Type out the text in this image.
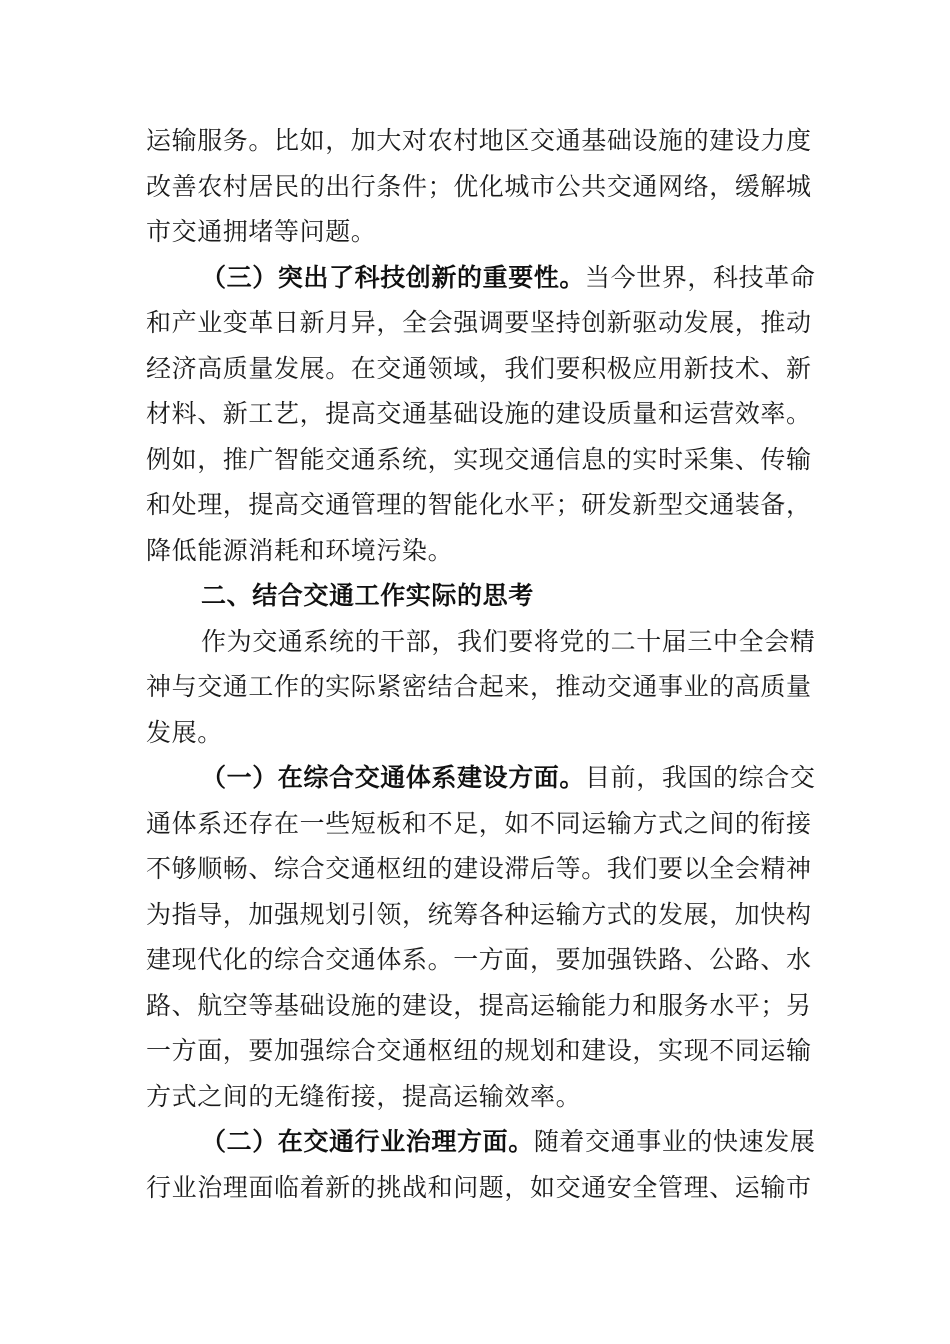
运输服务。比如，加大对农村地区交通基础设施的建设力度
改善农村居民的出行条件；优化城市公共交通网络，缓解城
市交通拥堵等问题。
（三）突出了科技创新的重要性。当今世界，科技革命
和产业变革日新月异，全会强调要坚持创新驱动发展，推动
经济高质量发展。在交通领域，我们要积极应用新技术、新
材料、新工艺，提高交通基础设施的建设质量和运营效率。
例如，推广智能交通系统，实现交通信息的实时采集、传输
和处理，提高交通管理的智能化水平；研发新型交通装备，
降低能源消耗和环境污染。
二、结合交通工作实际的思考
作为交通系统的干部，我们要将党的二十届三中全会精
神与交通工作的实际紧密结合起来，推动交通事业的高质量
发展。
（一）在综合交通体系建设方面。目前，我国的综合交
通体系还存在一些短板和不足，如不同运输方式之间的衔接
不够顺畅、综合交通枢纽的建设滞后等。我们要以全会精神
为指导，加强规划引领，统筹各种运输方式的发展，加快构
建现代化的综合交通体系。一方面，要加强铁路、公路、水
路、航空等基础设施的建设，提高运输能力和服务水平；另
一方面，要加强综合交通枢纽的规划和建设，实现不同运输
方式之间的无缝衔接，提高运输效率。
（二）在交通行业治理方面。随着交通事业的快速发展
行业治理面临着新的挑战和问题，如交通安全管理、运输市
